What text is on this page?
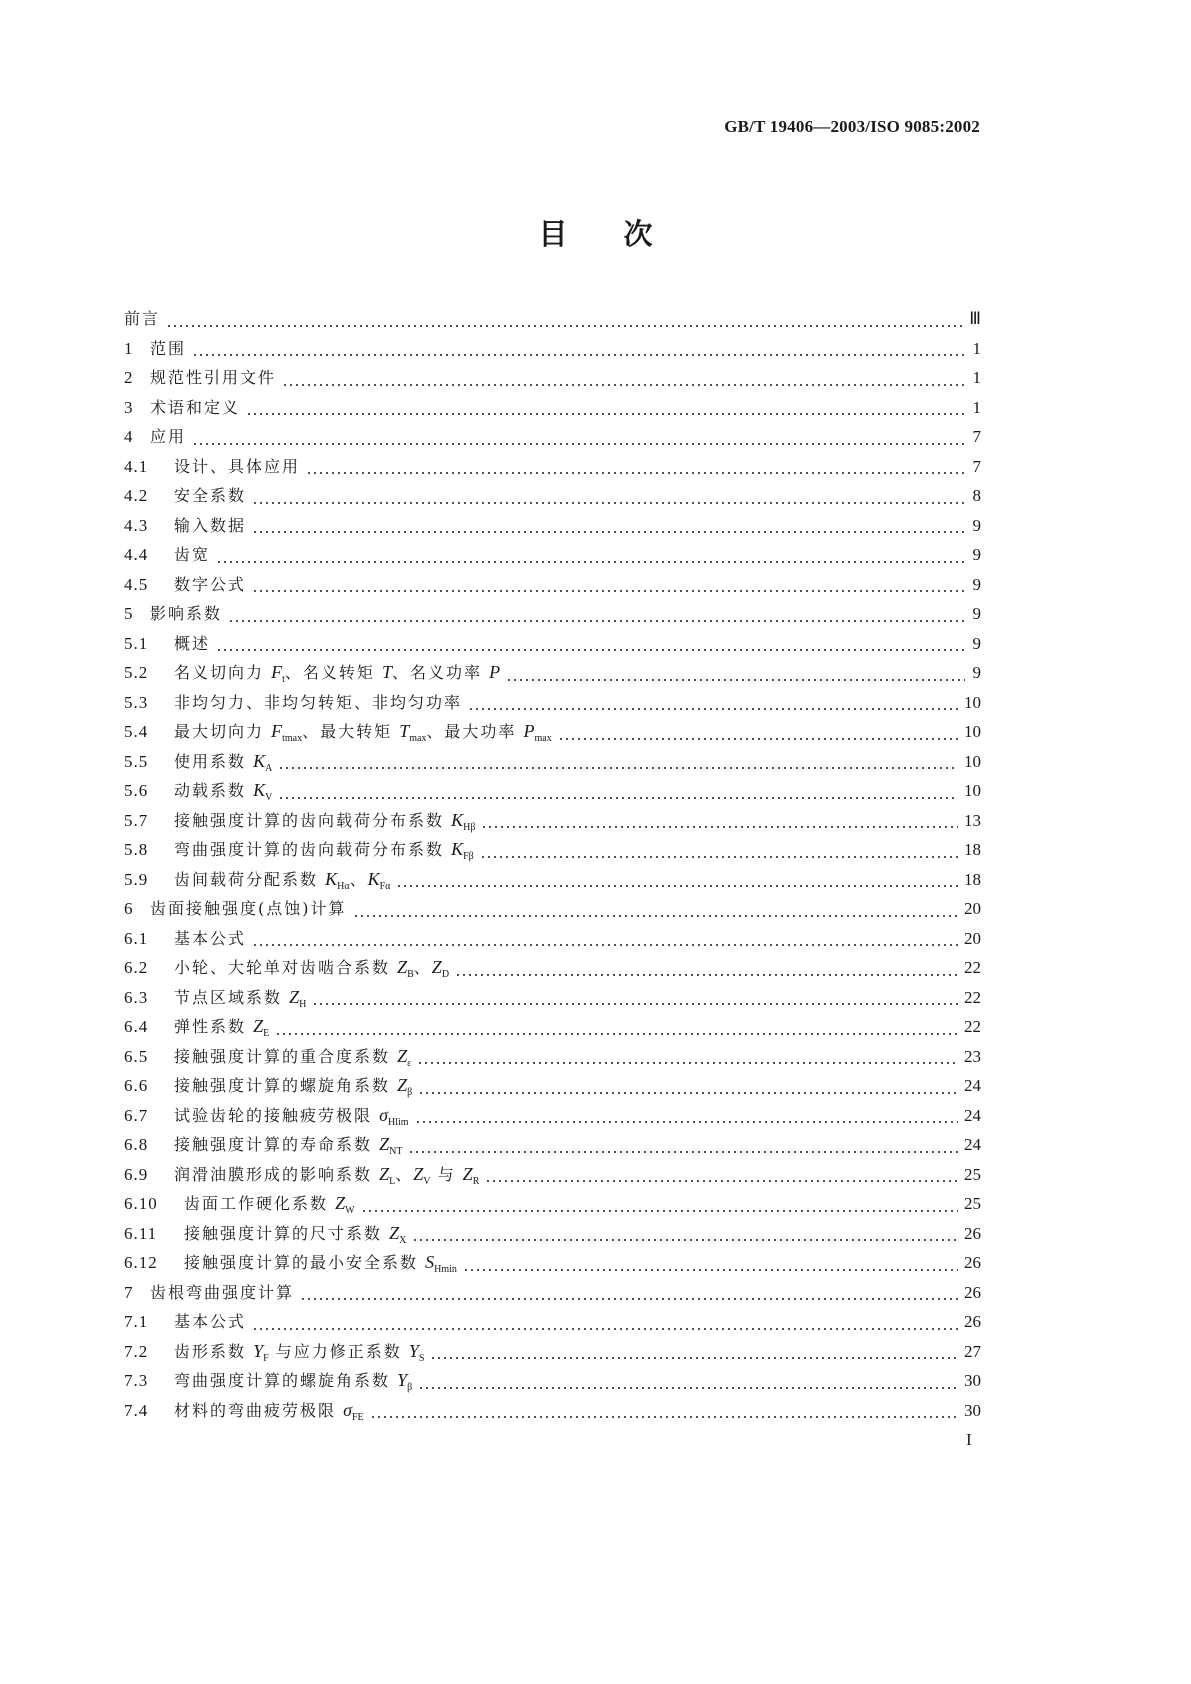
GB/T 19406—2003/ISO 9085:2002
目次
前言	Ⅲ
1	范围	1
2	规范性引用文件	1
3	术语和定义	1
4	应用	7
4.1	设计、具体应用	7
4.2	安全系数	8
4.3	输入数据	9
4.4	齿宽	9
4.5	数字公式	9
5	影响系数	9
5.1	概述	9
5.2	名义切向力 $F_t$、名义转矩 T、名义功率 P	9
5.3	非均匀力、非均匀转矩、非均匀功率	10
5.4	最大切向力 $F_{tmax}$、最大转矩 $T_{max}$、最大功率 $P_{max}$	10
5.5	使用系数 $K_A$	10
5.6	动载系数 $K_V$	10
5.7	接触强度计算的齿向载荷分布系数 $K_{H\beta}$	13
5.8	弯曲强度计算的齿向载荷分布系数 $K_{F\beta}$	18
5.9	齿间载荷分配系数 $K_{H\alpha}$、$K_{F\alpha}$	18
6	齿面接触强度(点蚀)计算	20
6.1	基本公式	20
6.2	小轮、大轮单对齿啮合系数 $Z_B$、$Z_D$	22
6.3	节点区域系数 $Z_H$	22
6.4	弹性系数 $Z_E$	22
6.5	接触强度计算的重合度系数 $Z_\varepsilon$	23
6.6	接触强度计算的螺旋角系数 $Z_\beta$	24
6.7	试验齿轮的接触疲劳极限 $\sigma_{Hlim}$	24
6.8	接触强度计算的寿命系数 $Z_{NT}$	24
6.9	润滑油膜形成的影响系数 $Z_L$、$Z_V$ 与 $Z_R$	25
6.10	齿面工作硬化系数 $Z_W$	25
6.11	接触强度计算的尺寸系数 $Z_X$	26
6.12	接触强度计算的最小安全系数 $S_{Hmin}$	26
7	齿根弯曲强度计算	26
7.1	基本公式	26
7.2	齿形系数 $Y_F$ 与应力修正系数 $Y_S$	27
7.3	弯曲强度计算的螺旋角系数 $Y_\beta$	30
7.4	材料的弯曲疲劳极限 $\sigma_{FE}$	30
I
